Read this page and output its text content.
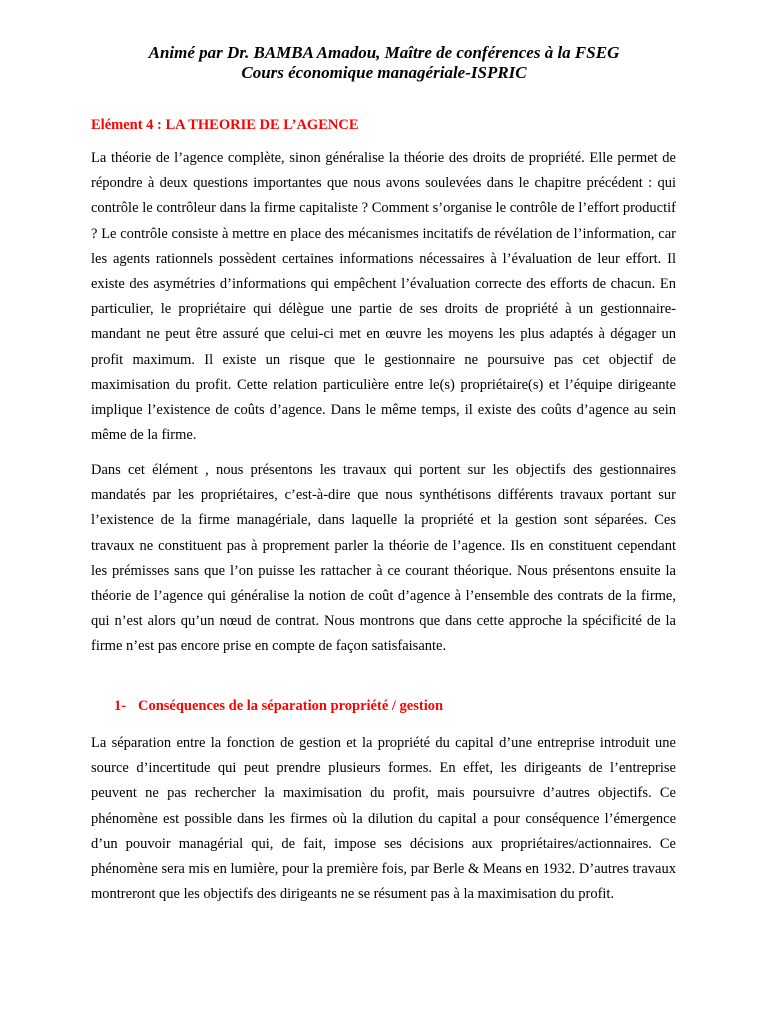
Animé par Dr. BAMBA Amadou, Maître de conférences à la FSEG
Cours économique managériale-ISPRIC
Elément 4 : LA THEORIE DE L’AGENCE

La théorie de l’agence complète, sinon généralise la théorie des droits de propriété. Elle permet de répondre à deux questions importantes que nous avons soulevées dans le chapitre précédent : qui contrôle le contrôleur dans la firme capitaliste ? Comment s’organise le contrôle de l’effort productif ? Le contrôle consiste à mettre en place des mécanismes incitatifs de révélation de l’information, car les agents rationnels possèdent certaines informations nécessaires à l’évaluation de leur effort. Il existe des asymétries d’informations qui empêchent l’évaluation correcte des efforts de chacun. En particulier, le propriétaire qui délègue une partie de ses droits de propriété à un gestionnaire-mandant ne peut être assuré que celui-ci met en œuvre les moyens les plus adaptés à dégager un profit maximum. Il existe un risque que le gestionnaire ne poursuive pas cet objectif de maximisation du profit. Cette relation particulière entre le(s) propriétaire(s) et l’équipe dirigeante implique l’existence de coûts d’agence. Dans le même temps, il existe des coûts d’agence au sein même de la firme.

Dans cet élément , nous présentons les travaux qui portent sur les objectifs des gestionnaires mandatés par les propriétaires, c’est-à-dire que nous synthétisons différents travaux portant sur l’existence de la firme managériale, dans laquelle la propriété et la gestion sont séparées. Ces travaux ne constituent pas à proprement parler la théorie de l’agence. Ils en constituent cependant les prémisses sans que l’on puisse les rattacher à ce courant théorique. Nous présentons ensuite la théorie de l’agence qui généralise la notion de coût d’agence à l’ensemble des contrats de la firme, qui n’est alors qu’un nœud de contrat. Nous montrons que dans cette approche la spécificité de la firme n’est pas encore prise en compte de façon satisfaisante.

1- Conséquences de la séparation propriété / gestion

La séparation entre la fonction de gestion et la propriété du capital d’une entreprise introduit une source d’incertitude qui peut prendre plusieurs formes. En effet, les dirigeants de l’entreprise peuvent ne pas rechercher la maximisation du profit, mais poursuivre d’autres objectifs. Ce phénomène est possible dans les firmes où la dilution du capital a pour conséquence l’émergence d’un pouvoir managérial qui, de fait, impose ses décisions aux propriétaires/actionnaires. Ce phénomène sera mis en lumière, pour la première fois, par Berle & Means en 1932. D’autres travaux montreront que les objectifs des dirigeants ne se résument pas à la maximisation du profit.
